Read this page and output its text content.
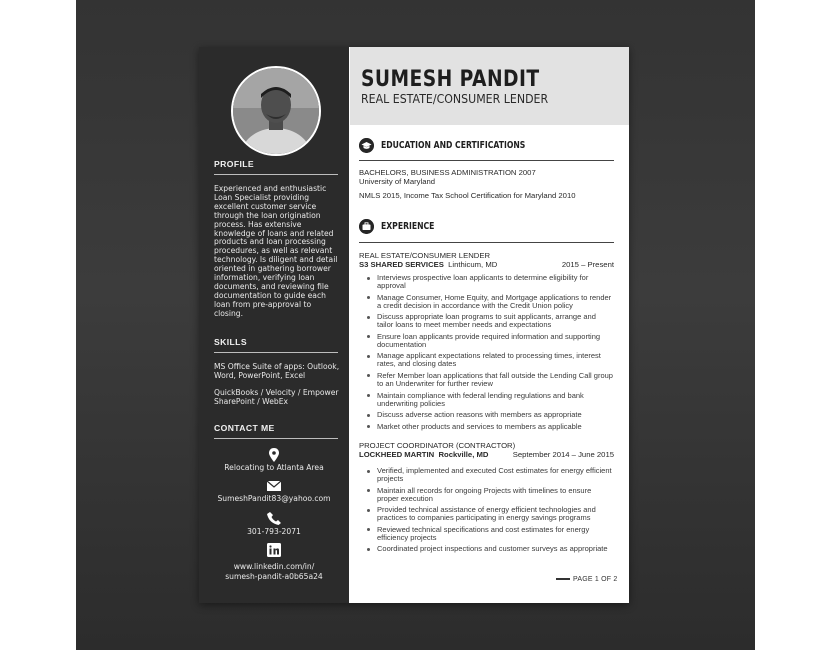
PROFILE
Experienced and enthusiastic Loan Specialist providing excellent customer service through the loan origination process. Has extensive knowledge of loans and related products and loan processing procedures, as well as relevant technology. Is diligent and detail oriented in gathering borrower information, verifying loan documents, and reviewing file documentation to guide each loan from pre-approval to closing.
SKILLS
MS Office Suite of apps: Outlook, Word, PowerPoint, Excel
QuickBooks / Velocity / Empower SharePoint / WebEx
CONTACT ME
Relocating to Atlanta Area
SumeshPandit83@yahoo.com
301-793-2071
www.linkedin.com/in/
sumesh-pandit-a0b65a24
SUMESH PANDIT
REAL ESTATE/CONSUMER LENDER
EDUCATION AND CERTIFICATIONS
BACHELORS, BUSINESS ADMINISTRATION 2007
University of Maryland
NMLS 2015, Income Tax School Certification for Maryland 2010
EXPERIENCE
REAL ESTATE/CONSUMER LENDER
S3 SHARED SERVICES Linthicum, MD	2015 – Present
Interviews prospective loan applicants to determine eligibility for approval
Manage Consumer, Home Equity, and Mortgage applications to render a credit decision in accordance with the Credit Union policy
Discuss appropriate loan programs to suit applicants, arrange and tailor loans to meet member needs and expectations
Ensure loan applicants provide required information and supporting documentation
Manage applicant expectations related to processing times, interest rates, and closing dates
Refer Member loan applications that fall outside the Lending Call group to an Underwriter for further review
Maintain compliance with federal lending regulations and bank underwriting policies
Discuss adverse action reasons with members as appropriate
Market other products and services to members as applicable
PROJECT COORDINATOR (CONTRACTOR)
LOCKHEED MARTIN Rockville, MD	September 2014 – June 2015
Verified, implemented and executed Cost estimates for energy efficient projects
Maintain all records for ongoing Projects with timelines to ensure proper execution
Provided technical assistance of energy efficient technologies and practices to companies participating in energy savings programs
Reviewed technical specifications and cost estimates for energy efficiency projects
Coordinated project inspections and customer surveys as appropriate
PAGE 1 OF 2
